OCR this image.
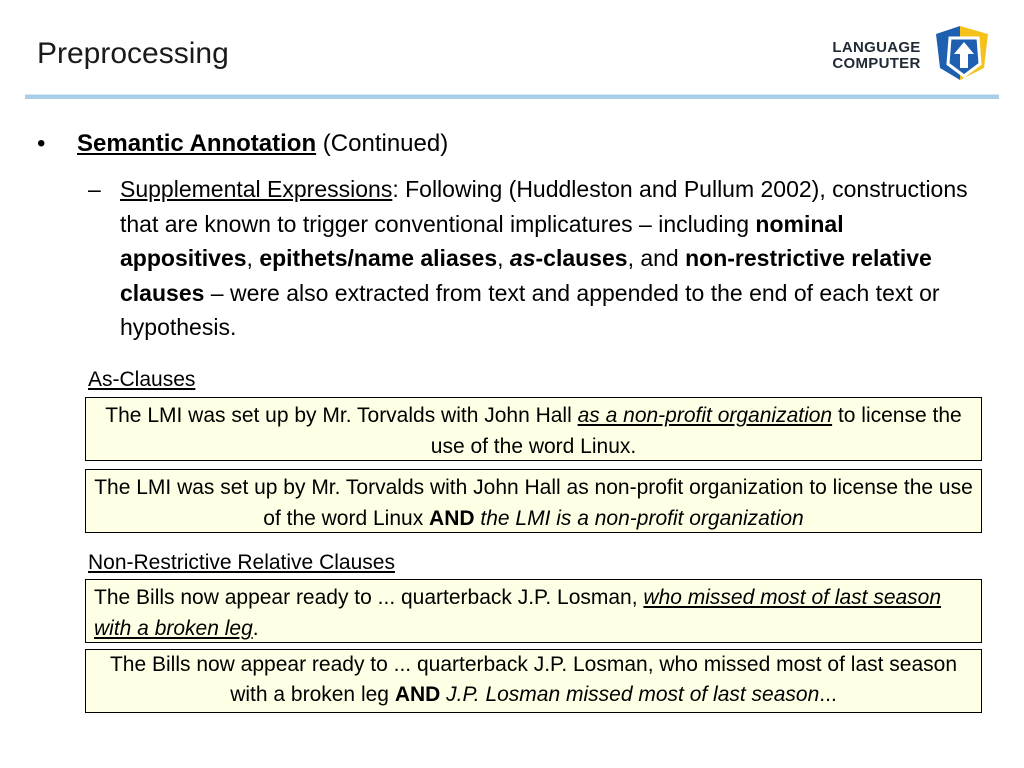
Preprocessing	LANGUAGE
COMPUTER
• Semantic Annotation (Continued)
– Supplemental Expressions: Following (Huddleston and Pullum 2002), constructions that are known to trigger conventional implicatures – including nominal appositives, epithets/name aliases, as-clauses, and non-restrictive relative clauses – were also extracted from text and appended to the end of each text or hypothesis.
As-Clauses
The LMI was set up by Mr. Torvalds with John Hall as a non-profit organization to license the use of the word Linux.
The LMI was set up by Mr. Torvalds with John Hall as non-profit organization to license the use of the word Linux AND the LMI is a non-profit organization
Non-Restrictive Relative Clauses
The Bills now appear ready to ... quarterback J.P. Losman, who missed most of last season with a broken leg.
The Bills now appear ready to ... quarterback J.P. Losman, who missed most of last season with a broken leg AND J.P. Losman missed most of last season...
